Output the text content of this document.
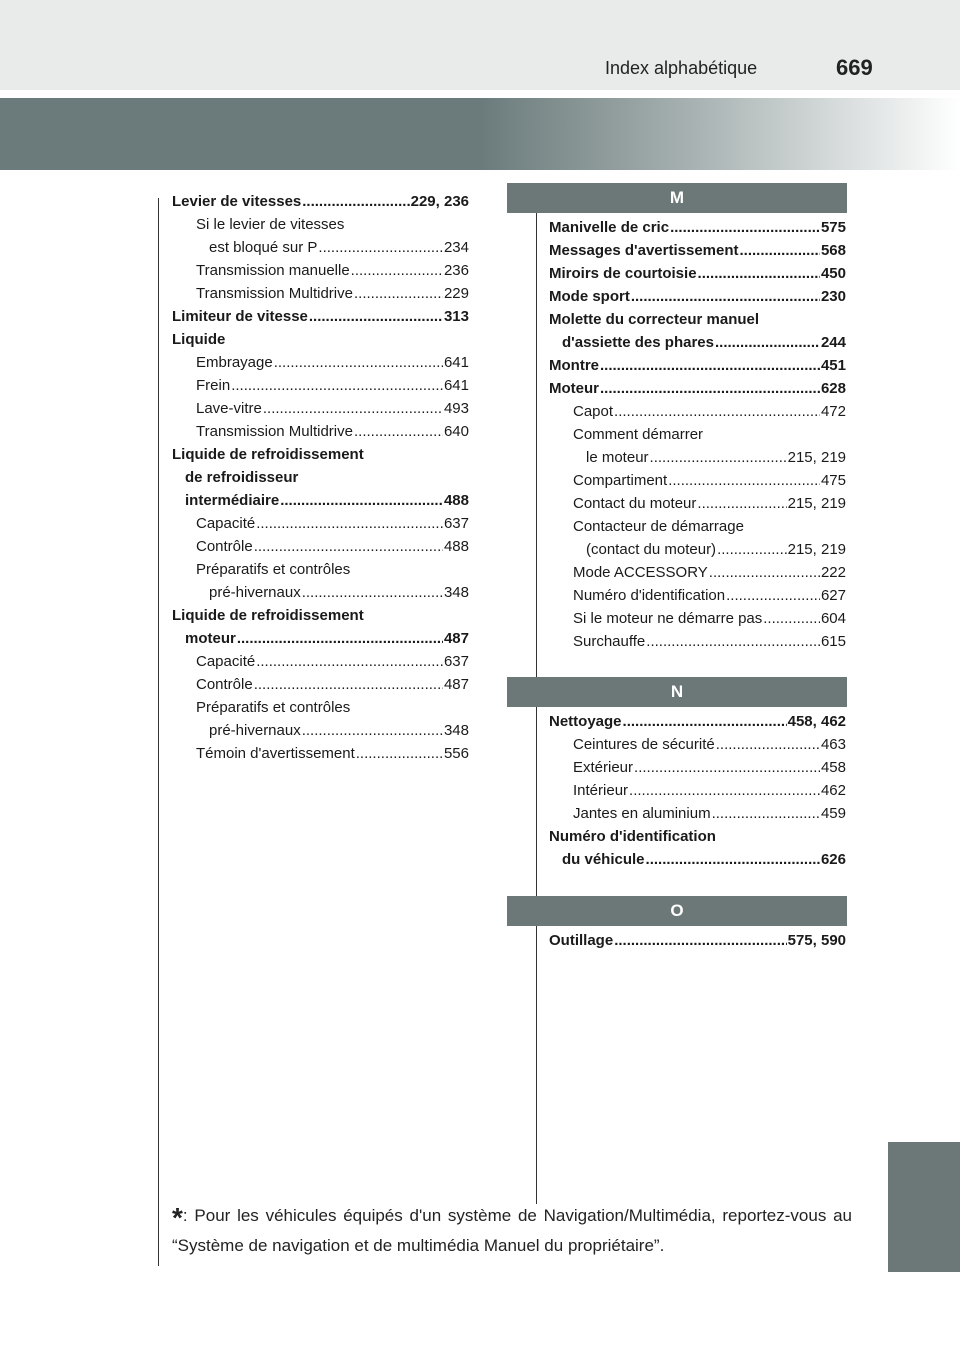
Index alphabétique	669
Levier de vitesses .....	229, 236
Si le levier de vitesses
est bloqué sur P .....	234
Transmission manuelle .....	236
Transmission Multidrive .....	229
Limiteur de vitesse .....	313
Liquide
Embrayage .....	641
Frein .....	641
Lave-vitre .....	493
Transmission Multidrive .....	640
Liquide de refroidissement
de refroidisseur
intermédiaire .....	488
Capacité .....	637
Contrôle .....	488
Préparatifs et contrôles
pré-hivernaux .....	348
Liquide de refroidissement
moteur .....	487
Capacité .....	637
Contrôle .....	487
Préparatifs et contrôles
pré-hivernaux .....	348
Témoin d'avertissement .....	556
M
Manivelle de cric .....	575
Messages d'avertissement .....	568
Miroirs de courtoisie .....	450
Mode sport .....	230
Molette du correcteur manuel
d'assiette des phares .....	244
Montre .....	451
Moteur .....	628
Capot .....	472
Comment démarrer
le moteur .....	215, 219
Compartiment .....	475
Contact du moteur .....	215, 219
Contacteur de démarrage
(contact du moteur) .....	215, 219
Mode ACCESSORY .....	222
Numéro d'identification .....	627
Si le moteur ne démarre pas .....	604
Surchauffe .....	615
N
Nettoyage .....	458, 462
Ceintures de sécurité .....	463
Extérieur .....	458
Intérieur .....	462
Jantes en aluminium .....	459
Numéro d'identification
du véhicule .....	626
O
Outillage .....	575, 590
*: Pour les véhicules équipés d'un système de Navigation/Multimédia, reportez-vous au “Système de navigation et de multimédia Manuel du propriétaire”.
